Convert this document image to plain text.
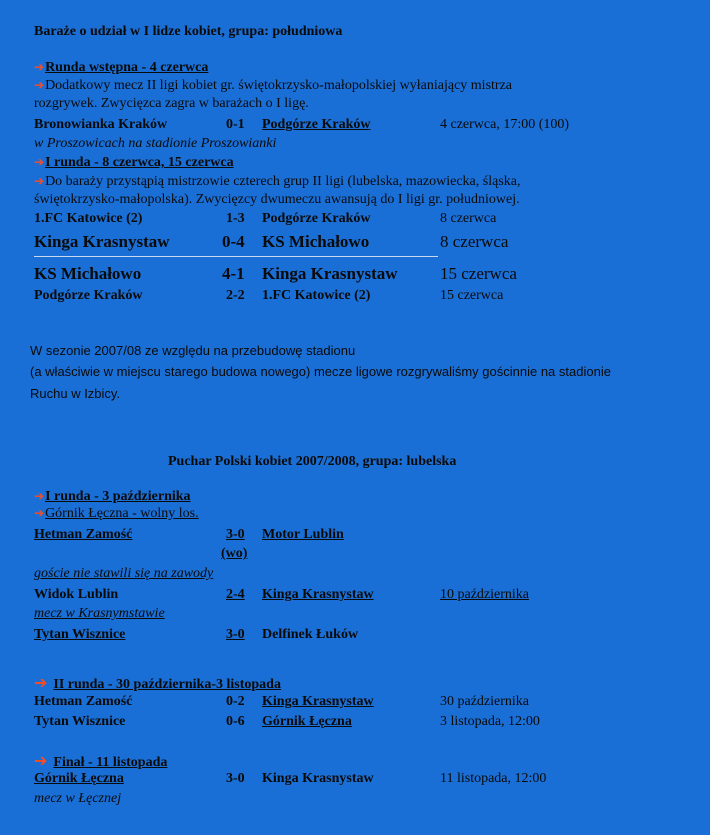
Baraże o udział w I lidze kobiet, grupa: południowa
➔Runda wstępna - 4 czerwca
➔Dodatkowy mecz II ligi kobiet gr. świętokrzysko-małopolskiej wyłaniający mistrza
rozgrywek. Zwycięzca zagra w barażach o I ligę.
Bronowianka Kraków	0-1 Podgórze Kraków	4 czerwca, 17:00 (100)
w Proszowicach na stadionie Proszowianki
➔I runda - 8 czerwca, 15 czerwca
➔Do baraży przystąpią mistrzowie czterech grup II ligi (lubelska, mazowiecka, śląska,
świętokrzysko-małopolska). Zwycięzcy dwumeczu awansują do I ligi gr. południowej.
1.FC Katowice (2)	1-3 Podgórze Kraków	8 czerwca
Kinga Krasnystaw	0-4 KS Michałowo	8 czerwca
KS Michałowo	4-1 Kinga Krasnystaw 15 czerwca
Podgórze Kraków	2-2 1.FC Katowice (2)	15 czerwca
W sezonie 2007/08 ze względu na przebudowę stadionu
(a właściwie w miejscu starego budowa nowego) mecze ligowe rozgrywaliśmy gościnnie na stadionie
Ruchu w Izbicy.
Puchar Polski kobiet 2007/2008, grupa: lubelska
➔I runda - 3 października
➔Górnik Łęczna - wolny los.
Hetman Zamość	3-0 Motor Lublin
(wo)
goście nie stawili się na zawody
Widok Lublin	2-4 Kinga Krasnystaw	10 października
mecz w Krasnymstawie
Tytan Wisznice	3-0 Delfinek Łuków
➔ II runda - 30 października-3 listopada
Hetman Zamość	0-2 Kinga Krasnystaw	30 października
Tytan Wisznice	0-6 Górnik Łęczna	3 listopada, 12:00
➔ Finał - 11 listopada
Górnik Łęczna	3-0 Kinga Krasnystaw	11 listopada, 12:00
mecz w Łęcznej
